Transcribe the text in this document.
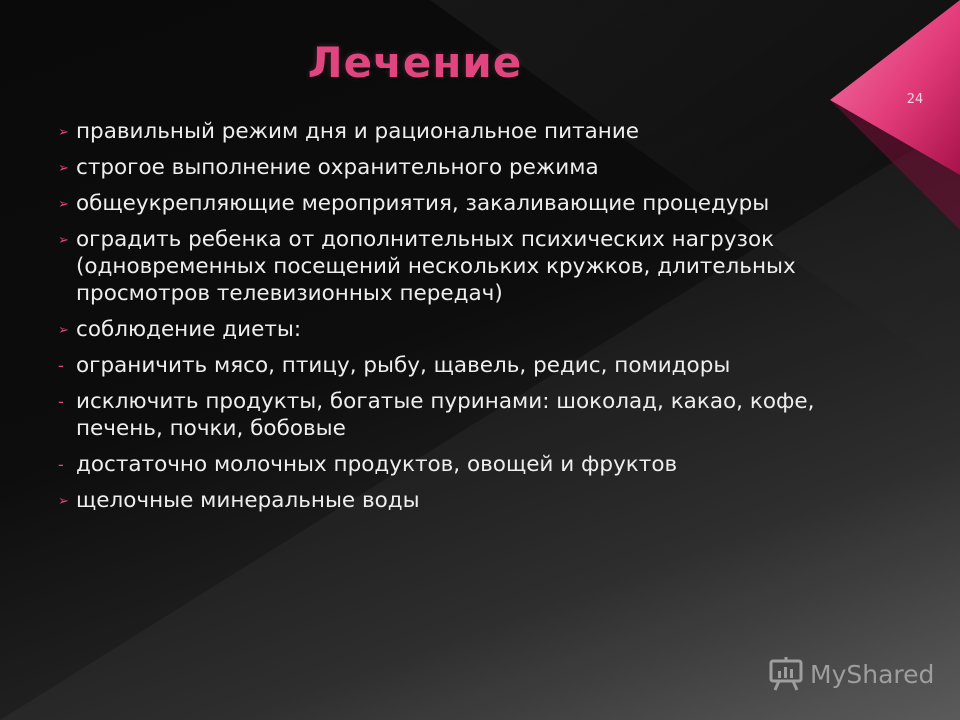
Лечение
24
➢ правильный режим дня и рациональное питание
➢ строгое выполнение охранительного режима
➢ общеукрепляющие мероприятия, закаливающие процедуры
➢ оградить ребенка от дополнительных психических нагрузок (одновременных посещений нескольких кружков, длительных просмотров телевизионных передач)
➢ соблюдение диеты:
- ограничить мясо, птицу, рыбу, щавель, редис, помидоры
- исключить продукты, богатые пуринами: шоколад, какао, кофе, печень, почки, бобовые
- достаточно молочных продуктов, овощей и фруктов
➢ щелочные минеральные воды
MyShared
